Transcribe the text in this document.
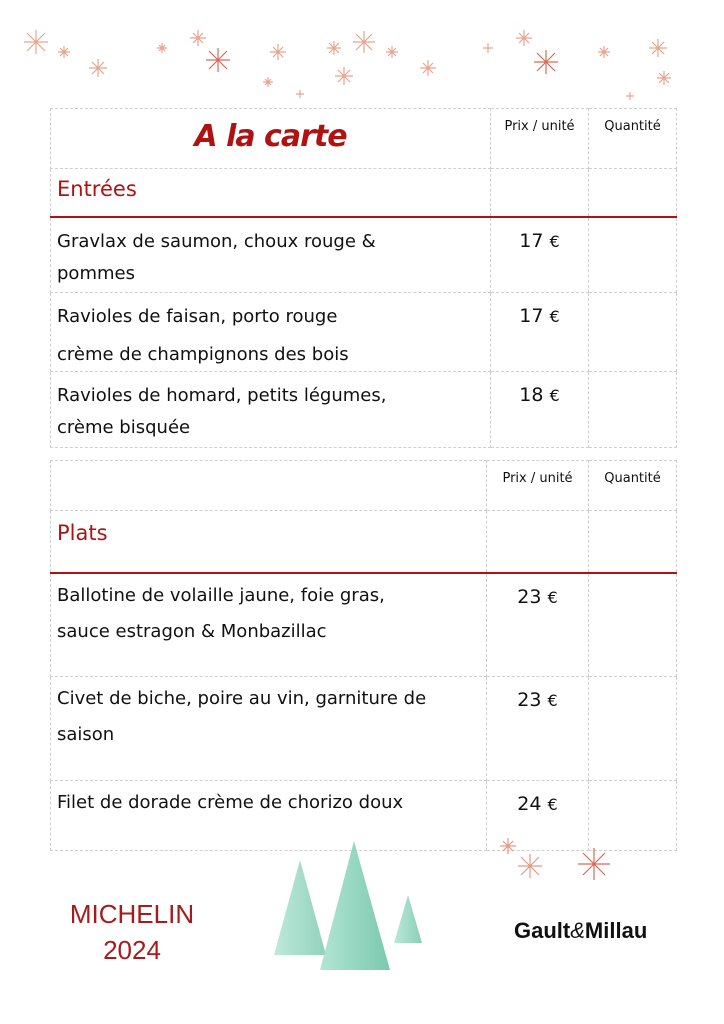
A la carte	Prix / unité	Quantité
Entrées		

Gravlax de saumon, choux rouge &
pommes	17 €	

Ravioles de faisan, porto rouge
crème de champignons des bois	17 €	

Ravioles de homard, petits légumes,
crème bisquée	18 €	
	Prix / unité	Quantité
Plats		

Ballotine de volaille jaune, foie gras,
sauce estragon & Monbazillac	23 €	

Civet de biche, poire au vin, garniture de
saison	23 €	

Filet de dorade crème de chorizo doux	24 €	
MICHELIN
2024
Gault&Millau
